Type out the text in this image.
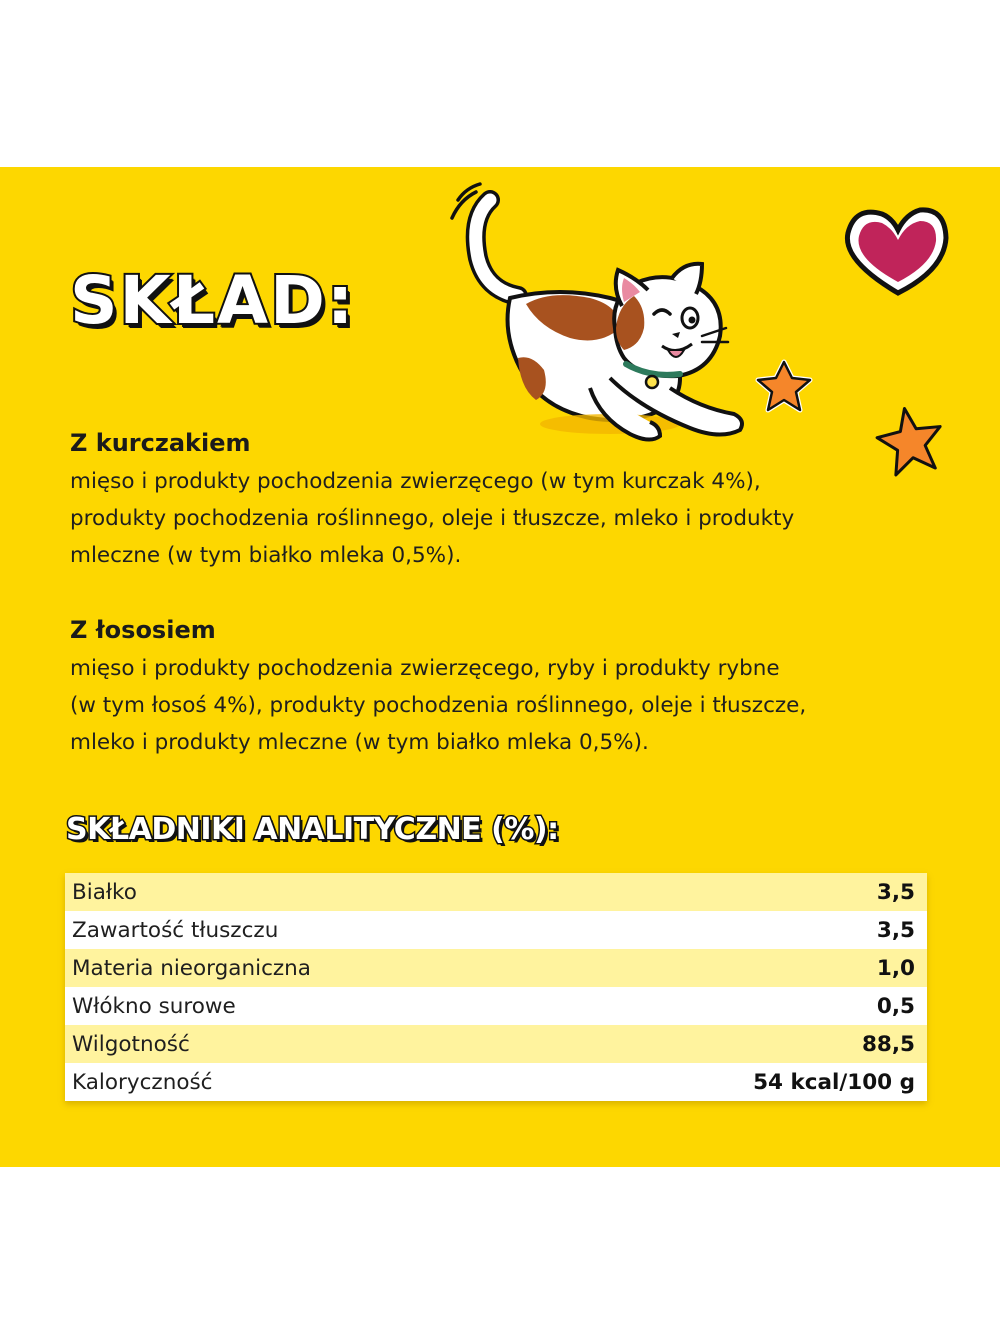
SKŁAD:
Z kurczakiem
mięso i produkty pochodzenia zwierzęcego (w tym kurczak 4%),
produkty pochodzenia roślinnego, oleje i tłuszcze, mleko i produkty
mleczne (w tym białko mleka 0,5%).
Z łososiem
mięso i produkty pochodzenia zwierzęcego, ryby i produkty rybne
(w tym łosoś 4%), produkty pochodzenia roślinnego, oleje i tłuszcze,
mleko i produkty mleczne (w tym białko mleka 0,5%).
SKŁADNIKI ANALITYCZNE (%):
Białko	3,5
Zawartość tłuszczu	3,5
Materia nieorganiczna	1,0
Włókno surowe	0,5
Wilgotność	88,5
Kaloryczność	54 kcal/100 g
